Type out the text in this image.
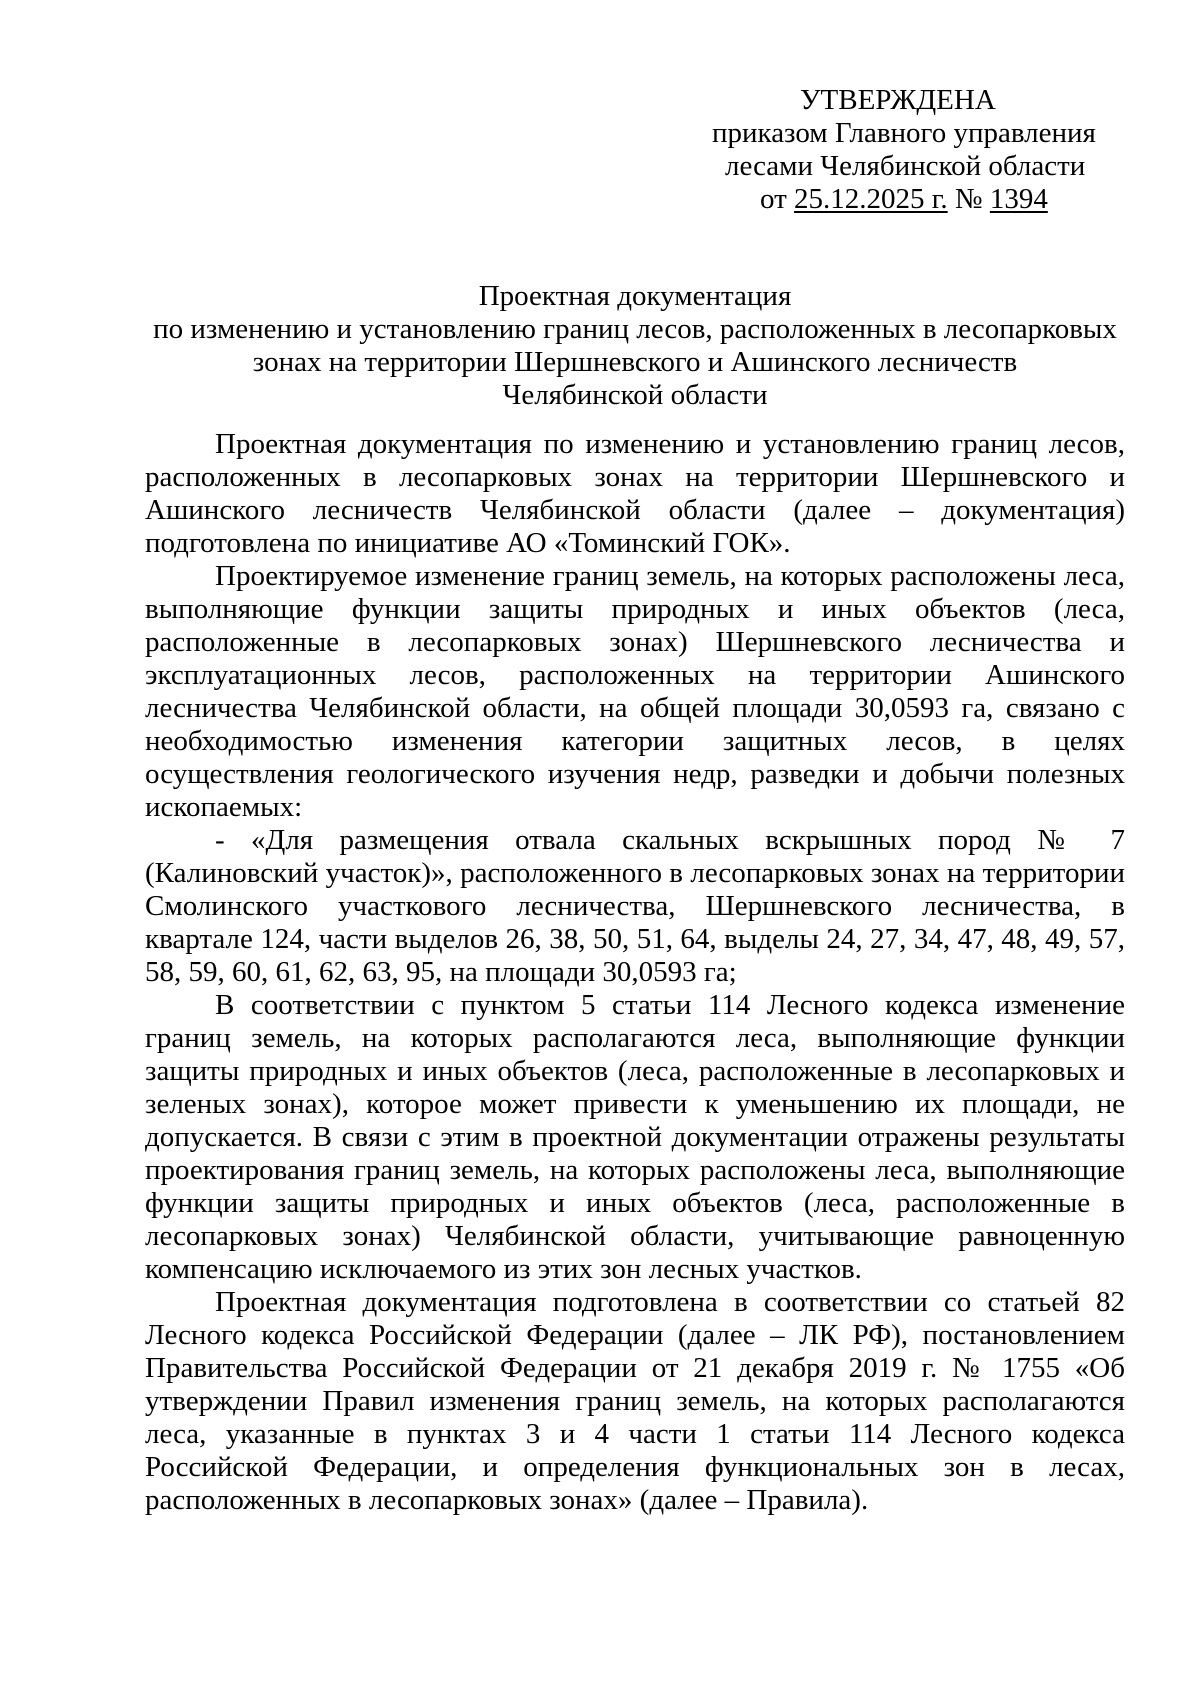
УТВЕРЖДЕНА
приказом Главного управления
лесами Челябинской области
от 25.12.2025 г. № 1394
Проектная документация
по изменению и установлению границ лесов, расположенных в лесопарковых
зонах на территории Шершневского и Ашинского лесничеств
Челябинской области

Проектная документация по изменению и установлению границ лесов, расположенных в лесопарковых зонах на территории Шершневского и Ашинского лесничеств Челябинской области (далее – документация) подготовлена по инициативе АО «Томинский ГОК».

Проектируемое изменение границ земель, на которых расположены леса, выполняющие функции защиты природных и иных объектов (леса, расположенные в лесопарковых зонах) Шершневского лесничества и эксплуатационных лесов, расположенных на территории Ашинского лесничества Челябинской области, на общей площади 30,0593 га, связано с необходимостью изменения категории защитных лесов, в целях осуществления геологического изучения недр, разведки и добычи полезных ископаемых:

- «Для размещения отвала скальных вскрышных пород № 7 (Калиновский участок)», расположенного в лесопарковых зонах на территории Смолинского участкового лесничества, Шершневского лесничества, в квартале 124, части выделов 26, 38, 50, 51, 64, выделы 24, 27, 34, 47, 48, 49, 57, 58, 59, 60, 61, 62, 63, 95, на площади 30,0593 га;

В соответствии с пунктом 5 статьи 114 Лесного кодекса изменение границ земель, на которых располагаются леса, выполняющие функции защиты природных и иных объектов (леса, расположенные в лесопарковых и зеленых зонах), которое может привести к уменьшению их площади, не допускается. В связи с этим в проектной документации отражены результаты проектирования границ земель, на которых расположены леса, выполняющие функции защиты природных и иных объектов (леса, расположенные в лесопарковых зонах) Челябинской области, учитывающие равноценную компенсацию исключаемого из этих зон лесных участков.

Проектная документация подготовлена в соответствии со статьей 82 Лесного кодекса Российской Федерации (далее – ЛК РФ), постановлением Правительства Российской Федерации от 21 декабря 2019 г. № 1755 «Об утверждении Правил изменения границ земель, на которых располагаются леса, указанные в пунктах 3 и 4 части 1 статьи 114 Лесного кодекса Российской Федерации, и определения функциональных зон в лесах, расположенных в лесопарковых зонах» (далее – Правила).
